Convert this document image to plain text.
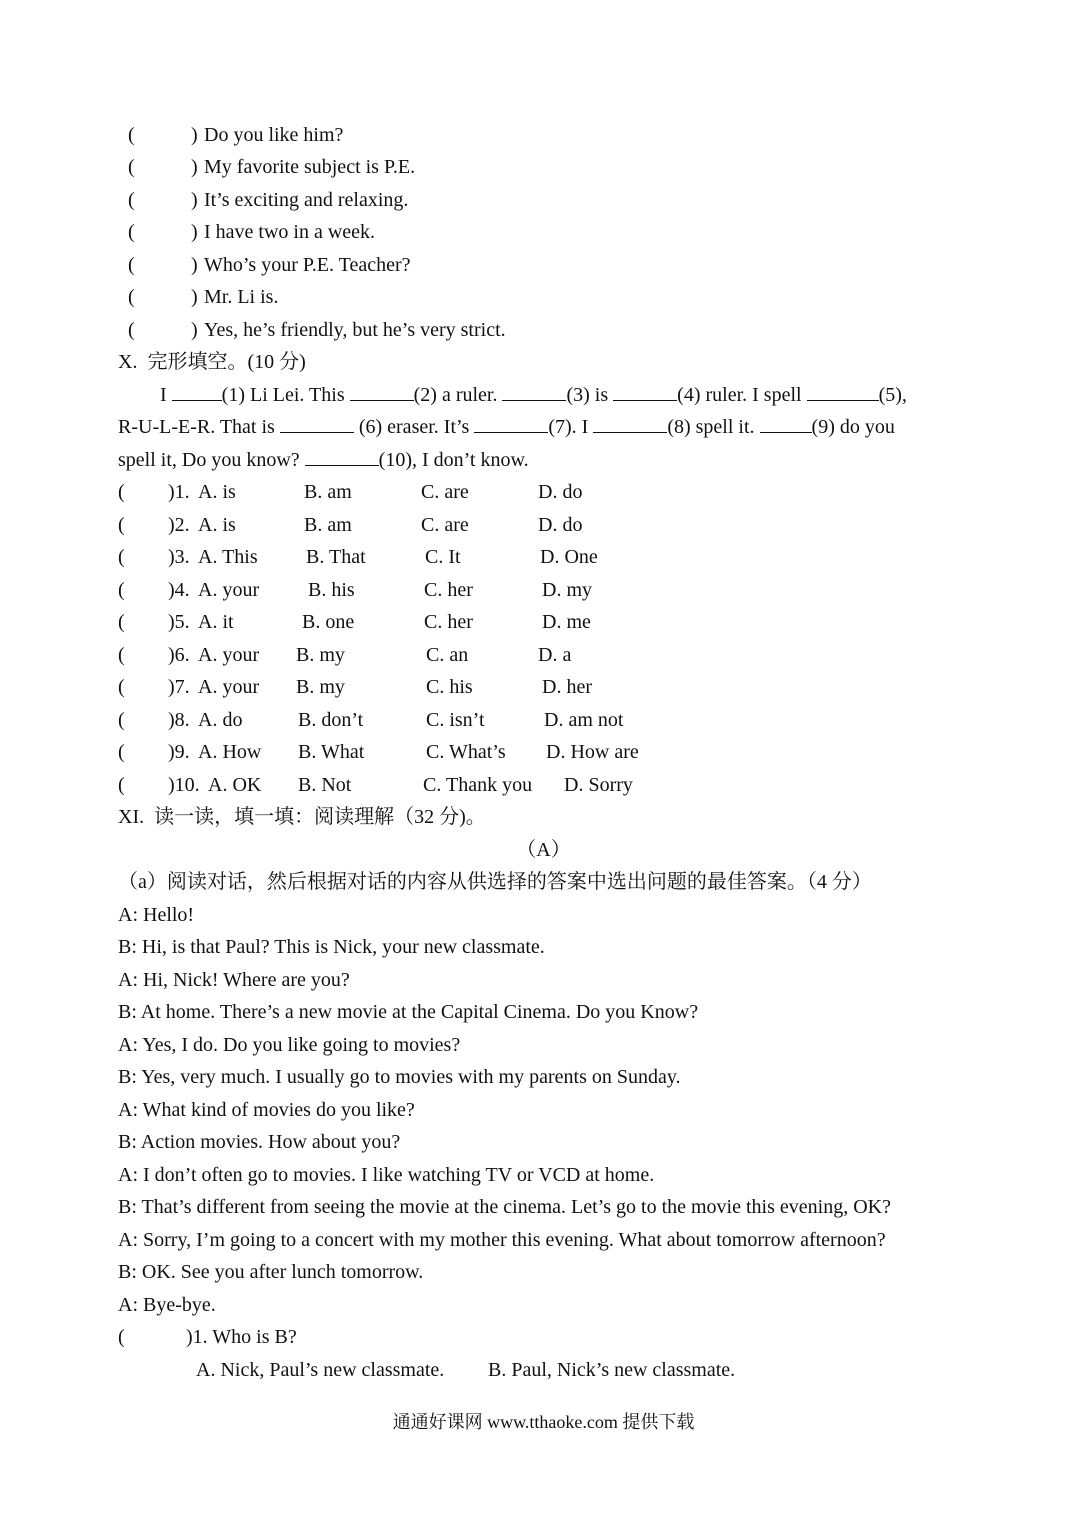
(	) Do you like him?
(	) My favorite subject is P.E.
(	) It’s exciting and relaxing.
(	) I have two in a week.
(	) Who’s your P.E. Teacher?
(	) Mr. Li is.
(	) Yes, he’s friendly, but he’s very strict.
X.  完形填空。(10 分)
I	(1) Li Lei. This	(2) a ruler.	(3) is	(4) ruler. I spell	(5),
R-U-L-E-R. That is	(6) eraser. It’s	(7). I	(8) spell it.	(9) do you
spell it, Do you know?	(10), I don’t know.
( )1. A. is	B. am	C. are	D. do
( )2. A. is	B. am	C. are	D. do
( )3. A. This B. That	C. It	D. One
( )4. A. your B. his	C. her	D. my
( )5. A. it	B. one	C. her	D. me
( )6. A. your B. my	C. an	D. a
( )7. A. your B. my	C. his	D. her
( )8. A. do	B. don’t	C. isn’t	D. am not
( )9. A. How B. What	C. What’s D. How are
( )10. A. OK B. Not	C. Thank you D. Sorry
XI.  读一读，填一填：阅读理解（32 分)。
（A）
（a）阅读对话，然后根据对话的内容从供选择的答案中选出问题的最佳答案。（4 分）
A: Hello!
B: Hi, is that Paul? This is Nick, your new classmate.
A: Hi, Nick! Where are you?
B: At home. There’s a new movie at the Capital Cinema. Do you Know?
A: Yes, I do. Do you like going to movies?
B: Yes, very much. I usually go to movies with my parents on Sunday.
A: What kind of movies do you like?
B: Action movies. How about you?
A: I don’t often go to movies. I like watching TV or VCD at home.
B: That’s different from seeing the movie at the cinema. Let’s go to the movie this evening, OK?
A: Sorry, I’m going to a concert with my mother this evening. What about tomorrow afternoon?
B: OK. See you after lunch tomorrow.
A: Bye-bye.
(	)1. Who is B?
A. Nick, Paul’s new classmate. B. Paul, Nick’s new classmate.
通通好课网 www.tthaoke.com 提供下载
